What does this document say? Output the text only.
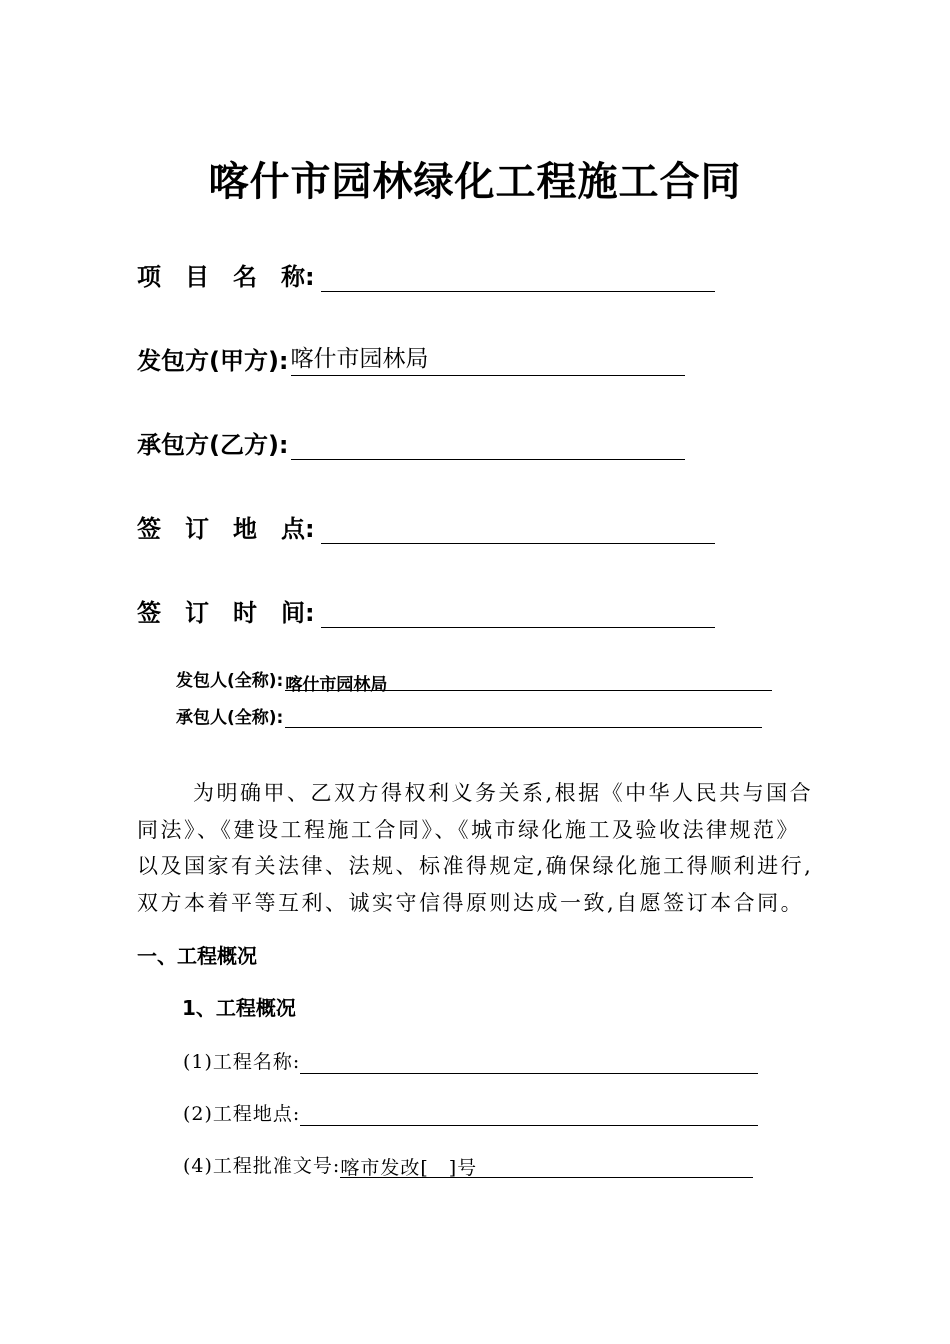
喀什市园林绿化工程施工合同
项　目　名　称:
发包方(甲方): 喀什市园林局
承包方(乙方):
签　订　地　点:
签　订　时　间:
发包人(全称): 喀什市园林局
承包人(全称):
为明确甲、乙双方得权利义务关系,根据《中华人民共与国合同法》、《建设工程施工合同》、《城市绿化施工及验收法律规范》以及国家有关法律、法规、标准得规定,确保绿化施工得顺利进行,双方本着平等互利、诚实守信得原则达成一致,自愿签订本合同。
一、工程概况
1、工程概况
(1)工程名称:
(2)工程地点:
(4)工程批准文号: 喀市发改[　]号
